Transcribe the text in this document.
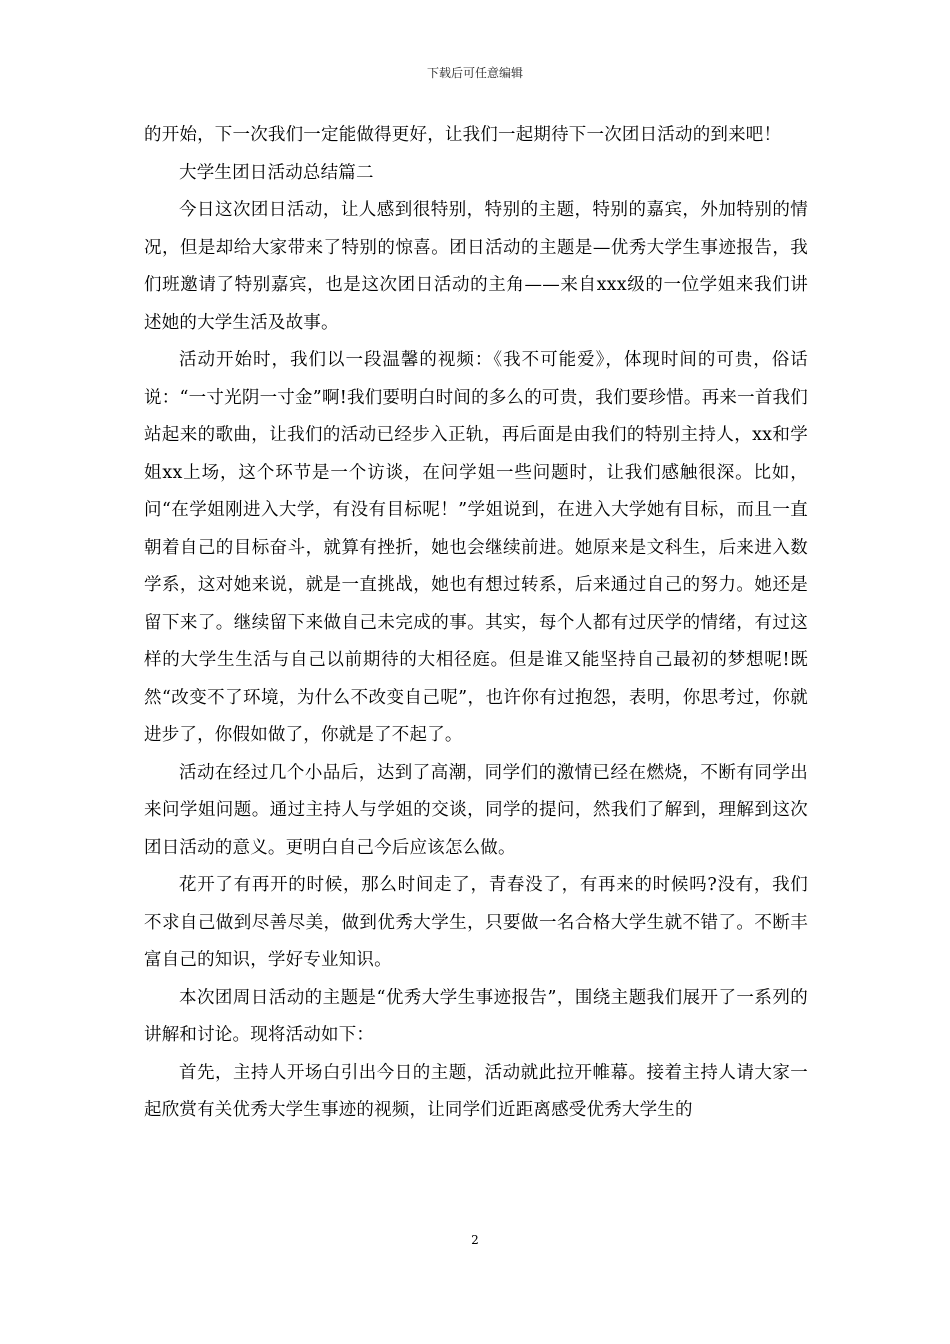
下载后可任意编辑

的开始，下一次我们一定能做得更好，让我们一起期待下一次团日活动的到来吧！

大学生团日活动总结篇二

今日这次团日活动，让人感到很特别，特别的主题，特别的嘉宾，外加特别的情况，但是却给大家带来了特别的惊喜。团日活动的主题是—优秀大学生事迹报告，我们班邀请了特别嘉宾，也是这次团日活动的主角——来自xxx级的一位学姐来我们讲述她的大学生活及故事。

活动开始时，我们以一段温馨的视频：《我不可能爱》，体现时间的可贵，俗话说：“一寸光阴一寸金”啊!我们要明白时间的多么的可贵，我们要珍惜。再来一首我们站起来的歌曲，让我们的活动已经步入正轨，再后面是由我们的特别主持人，xx和学姐xx上场，这个环节是一个访谈，在问学姐一些问题时，让我们感触很深。比如，问“在学姐刚进入大学，有没有目标呢！”学姐说到，在进入大学她有目标，而且一直朝着自己的目标奋斗，就算有挫折，她也会继续前进。她原来是文科生，后来进入数学系，这对她来说，就是一直挑战，她也有想过转系，后来通过自己的努力。她还是留下来了。继续留下来做自己未完成的事。其实，每个人都有过厌学的情绪，有过这样的大学生生活与自己以前期待的大相径庭。但是谁又能坚持自己最初的梦想呢!既然“改变不了环境，为什么不改变自己呢”，也许你有过抱怨，表明，你思考过，你就进步了，你假如做了，你就是了不起了。

活动在经过几个小品后，达到了高潮，同学们的激情已经在燃烧，不断有同学出来问学姐问题。通过主持人与学姐的交谈，同学的提问，然我们了解到，理解到这次团日活动的意义。更明白自己今后应该怎么做。

花开了有再开的时候，那么时间走了，青春没了，有再来的时候吗?没有，我们不求自己做到尽善尽美，做到优秀大学生，只要做一名合格大学生就不错了。不断丰富自己的知识，学好专业知识。

本次团周日活动的主题是“优秀大学生事迹报告”，围绕主题我们展开了一系列的讲解和讨论。现将活动如下：

首先，主持人开场白引出今日的主题，活动就此拉开帷幕。接着主持人请大家一起欣赏有关优秀大学生事迹的视频，让同学们近距离感受优秀大学生的

2
